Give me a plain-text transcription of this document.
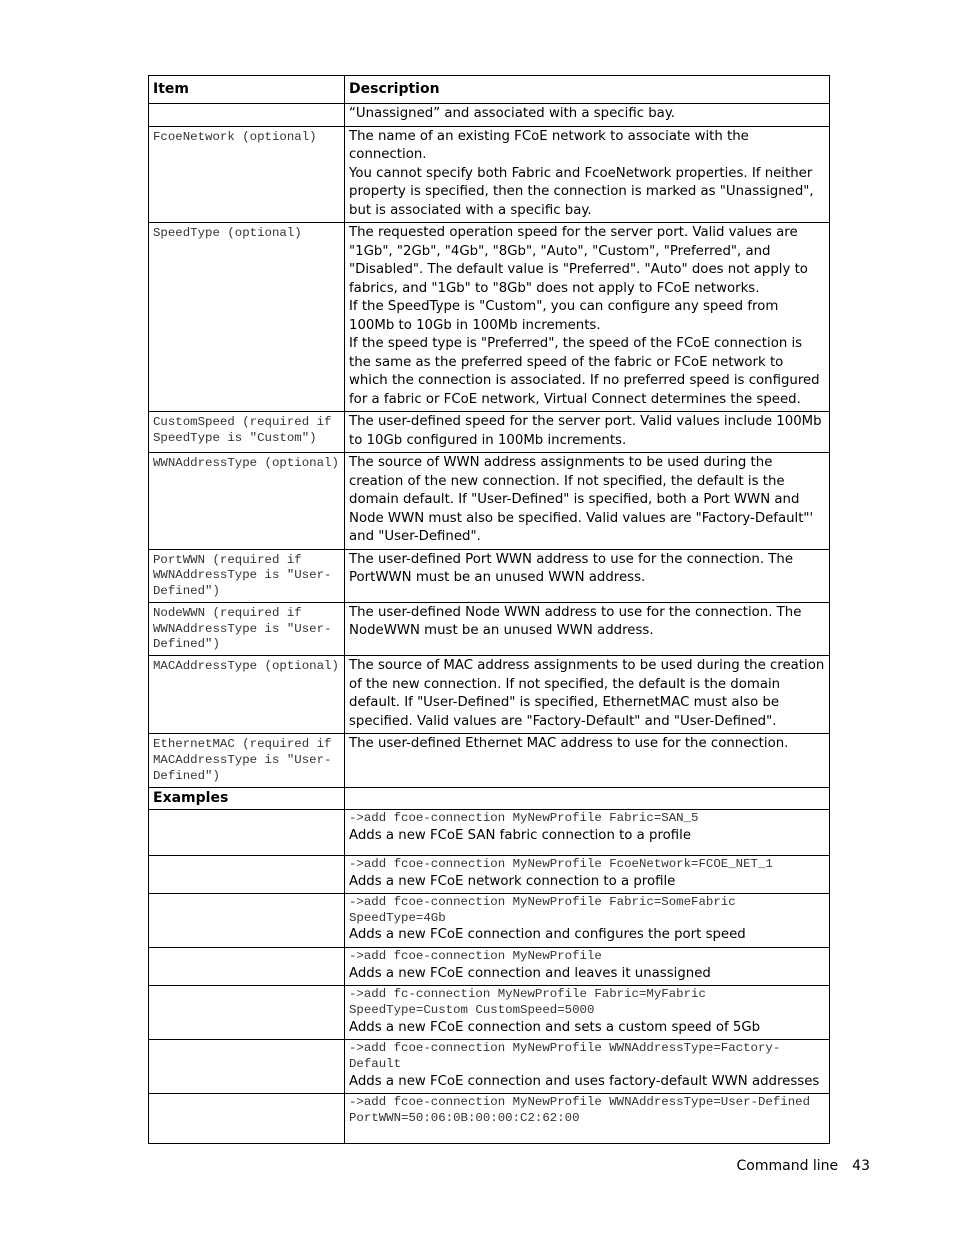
Item	Description

	“Unassigned” and associated with a specific bay.

FcoeNetwork (optional)	The name of an existing FCoE network to associate with the connection.

You cannot specify both Fabric and FcoeNetwork properties. If neither property is specified, then the connection is marked as "Unassigned", but is associated with a specific bay.

SpeedType (optional)	The requested operation speed for the server port. Valid values are "1Gb", "2Gb", "4Gb", "8Gb", "Auto", "Custom", "Preferred", and "Disabled". The default value is "Preferred". "Auto" does not apply to fabrics, and "1Gb" to "8Gb" does not apply to FCoE networks.

If the SpeedType is "Custom", you can configure any speed from 100Mb to 10Gb in 100Mb increments.

If the speed type is "Preferred", the speed of the FCoE connection is the same as the preferred speed of the fabric or FCoE network to which the connection is associated. If no preferred speed is configured for a fabric or FCoE network, Virtual Connect determines the speed.

CustomSpeed (required if SpeedType is "Custom")	The user-defined speed for the server port. Valid values include 100Mb to 10Gb configured in 100Mb increments.

WWNAddressType (optional)	The source of WWN address assignments to be used during the creation of the new connection. If not specified, the default is the domain default. If "User-Defined" is specified, both a Port WWN and Node WWN must also be specified. Valid values are "Factory-Default"' and "User-Defined".

PortWWN (required if WWNAddressType is "User-Defined")	The user-defined Port WWN address to use for the connection. The PortWWN must be an unused WWN address.

NodeWWN (required if WWNAddressType is "User-Defined")	The user-defined Node WWN address to use for the connection. The NodeWWN must be an unused WWN address.

MACAddressType (optional)	The source of MAC address assignments to be used during the creation of the new connection. If not specified, the default is the domain default. If "User-Defined" is specified, EthernetMAC must also be specified. Valid values are "Factory-Default" and "User-Defined".

EthernetMAC (required if MACAddressType is "User-Defined")	The user-defined Ethernet MAC address to use for the connection.

Examples	

	->add fcoe-connection MyNewProfile Fabric=SAN_5
Adds a new FCoE SAN fabric connection to a profile

	->add fcoe-connection MyNewProfile FcoeNetwork=FCOE_NET_1
Adds a new FCoE network connection to a profile

	->add fcoe-connection MyNewProfile Fabric=SomeFabric SpeedType=4Gb
Adds a new FCoE connection and configures the port speed

	->add fcoe-connection MyNewProfile
Adds a new FCoE connection and leaves it unassigned

	->add fc-connection MyNewProfile Fabric=MyFabric SpeedType=Custom CustomSpeed=5000
Adds a new FCoE connection and sets a custom speed of 5Gb

	->add fcoe-connection MyNewProfile WWNAddressType=Factory-Default
Adds a new FCoE connection and uses factory-default WWN addresses

	->add fcoe-connection MyNewProfile WWNAddressType=User-Defined PortWWN=50:06:0B:00:00:C2:62:00
Command line 43
